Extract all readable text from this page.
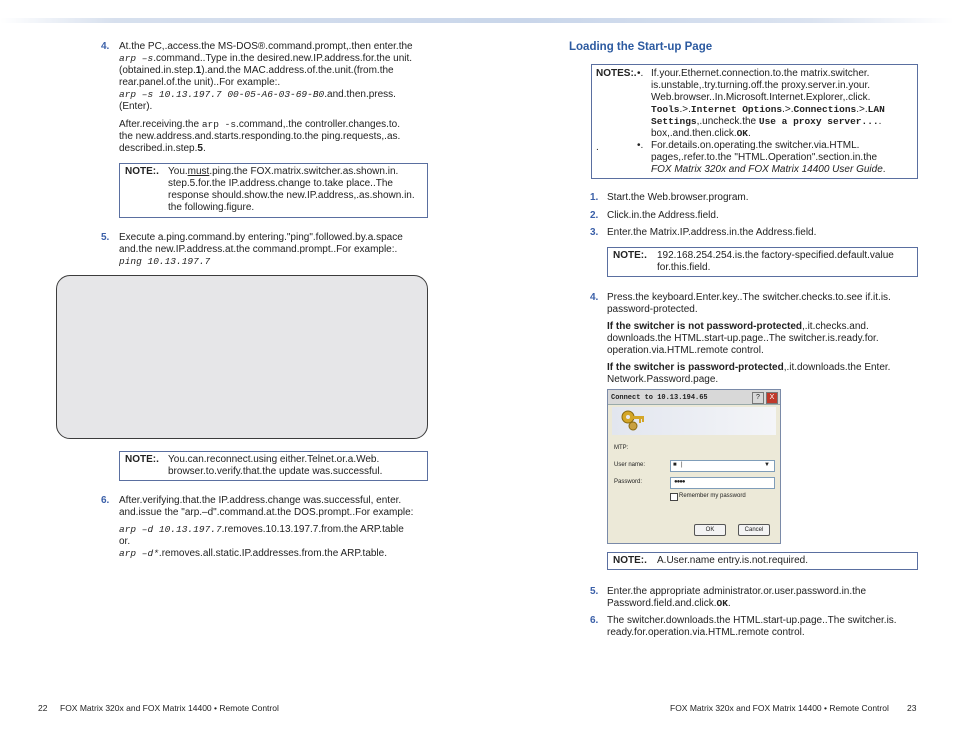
4. At.the PC,.access.the MS-DOS®.command.prompt,.then enter.the
arp –s.command..Type in.the desired.new.IP.address.for.the unit.
(obtained.in.step.1).and.the MAC.address.of.the.unit.(from.the
rear.panel.of.the unit)..For example:.
arp –s 10.13.197.7 00-05-A6-03-69-B0.and.then.press.
(Enter).
After.receiving.the arp -s.command,.the controller.changes.to.
the new.address.and.starts.responding.to.the ping.requests,.as.
described.in.step.5.
NOTE:. You.must.ping.the FOX.matrix.switcher.as.shown.in.
step.5.for.the IP.address.change to.take place..The
response should.show.the new.IP.address,.as.shown.in.
the following.figure.
5. Execute a.ping.command.by entering."ping".followed.by.a.space
and.the new.IP.address.at.the command.prompt..For example:.
ping 10.13.197.7
NOTE:. You.can.reconnect.using either.Telnet.or.a.Web.
browser.to.verify.that.the update was.successful.
6. After.verifying.that.the IP.address.change was.successful, enter.
and.issue the "arp.–d".command.at.the DOS.prompt..For example:
arp –d 10.13.197.7.removes.10.13.197.7.from.the ARP.table
or.
arp –d*.removes.all.static.IP.addresses.from.the ARP.table.
22 FOX Matrix 320x and FOX Matrix 14400 • Remote Control
Loading the Start-up Page
NOTES:. •. If.your.Ethernet.connection.to.the matrix.switcher.
is.unstable,.try.turning.off.the proxy.server.in.your.
Web.browser..In.Microsoft.Internet.Explorer,.click.
Tools.>.Internet Options.>.Connections.>.LAN
Settings,.uncheck.the Use a proxy server....
box,.and.then.click.OK.
.	•. For.details.on.operating.the switcher.via.HTML.
pages,.refer.to.the "HTML.Operation".section.in.the
FOX Matrix 320x and FOX Matrix 14400 User Guide.
1. Start.the Web.browser.program.
2. Click.in.the Address.field.
3. Enter.the Matrix.IP.address.in.the Address.field.
NOTE:. 192.168.254.254.is.the factory-specified.default.value
for.this.field.
4. Press.the keyboard.Enter.key..The switcher.checks.to.see if.it.is.
password-protected.
If the switcher is not password-protected,.it.checks.and.
downloads.the HTML.start-up.page..The switcher.is.ready.for.
operation.via.HTML.remote control.
If the switcher is password-protected,.it.downloads.the Enter.
Network.Password.page.
Connect to 10.13.194.65	?	X
MTP:
User name:	■ |	▼
Password:	●●●●
Remember my password
OK	Cancel
NOTE:. A.User.name entry.is.not.required.
5. Enter.the appropriate administrator.or.user.password.in.the
Password.field.and.click.OK.
6. The switcher.downloads.the HTML.start-up.page..The switcher.is.
ready.for.operation.via.HTML.remote control.
FOX Matrix 320x and FOX Matrix 14400 • Remote Control 23
